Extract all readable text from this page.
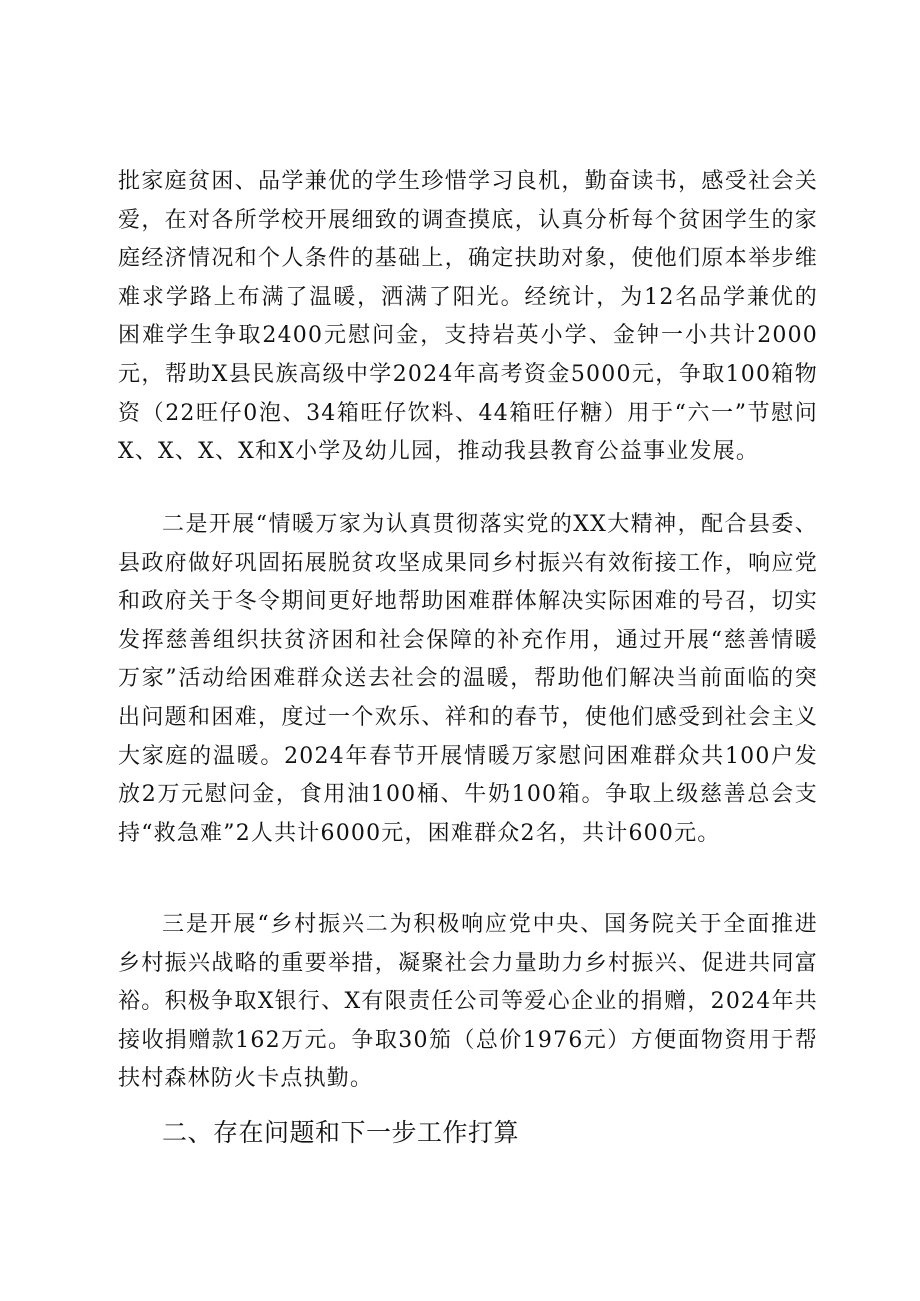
批家庭贫困、品学兼优的学生珍惜学习良机，勤奋读书，感受社会关爱，在对各所学校开展细致的调查摸底，认真分析每个贫困学生的家庭经济情况和个人条件的基础上，确定扶助对象，使他们原本举步维难求学路上布满了温暖，洒满了阳光。经统计，为12名品学兼优的困难学生争取2400元慰问金，支持岩英小学、金钟一小共计2000元，帮助X县民族高级中学2024年高考资金5000元，争取100箱物资（22旺仔0泡、34箱旺仔饮料、44箱旺仔糖）用于“六一”节慰问X、X、X、X和X小学及幼儿园，推动我县教育公益事业发展。

二是开展“情暖万家为认真贯彻落实党的XX大精神，配合县委、县政府做好巩固拓展脱贫攻坚成果同乡村振兴有效衔接工作，响应党和政府关于冬令期间更好地帮助困难群体解决实际困难的号召，切实发挥慈善组织扶贫济困和社会保障的补充作用，通过开展“慈善情暖万家”活动给困难群众送去社会的温暖，帮助他们解决当前面临的突出问题和困难，度过一个欢乐、祥和的春节，使他们感受到社会主义大家庭的温暖。2024年春节开展情暖万家慰问困难群众共100户发放2万元慰问金，食用油100桶、牛奶100箱。争取上级慈善总会支持“救急难”2人共计6000元，困难群众2名，共计600元。

三是开展“乡村振兴二为积极响应党中央、国务院关于全面推进乡村振兴战略的重要举措，凝聚社会力量助力乡村振兴、促进共同富裕。积极争取X银行、X有限责任公司等爱心企业的捐赠，2024年共接收捐赠款162万元。争取30笳（总价1976元）方便面物资用于帮扶村森林防火卡点执勤。

二、存在问题和下一步工作打算
